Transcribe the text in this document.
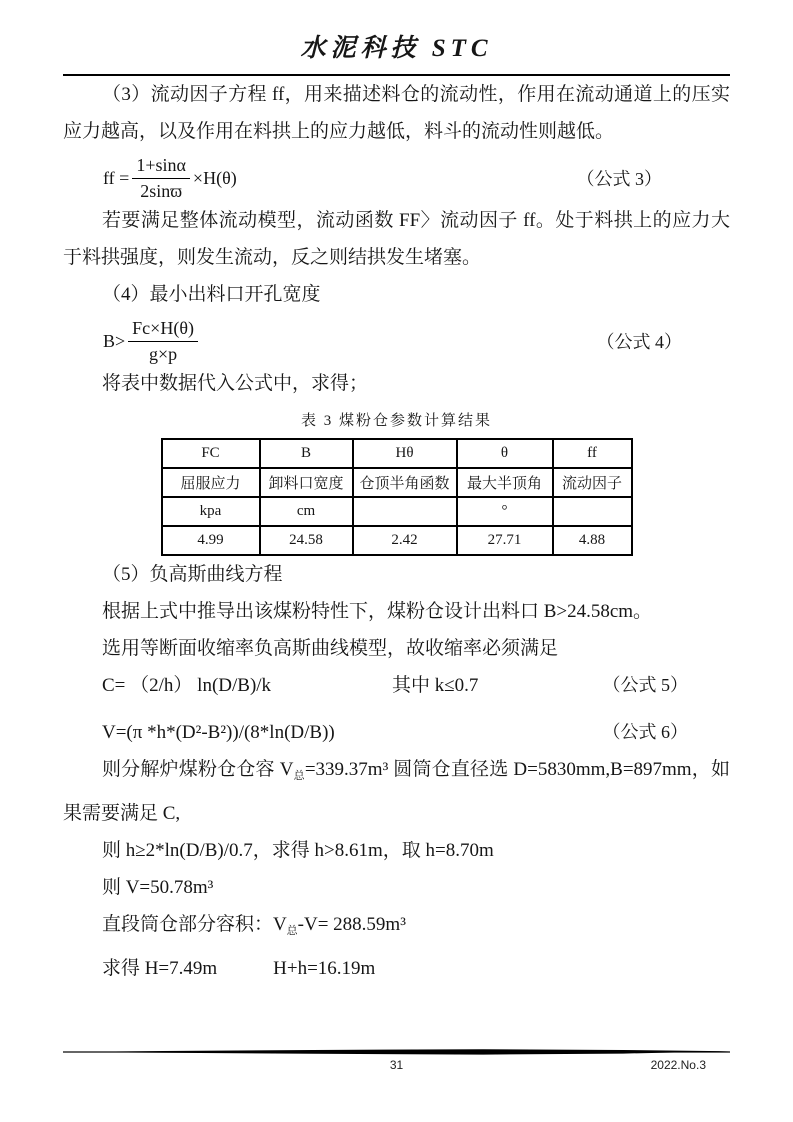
水泥科技 STC

（3）流动因子方程 ff，用来描述料仓的流动性，作用在流动通道上的压实应力越高，以及作用在料拱上的应力越低，料斗的流动性则越低。

ff = $\frac{1+\sin\alpha}{2\sin ϖ} \times H(\theta)$	（公式 3）

若要满足整体流动模型，流动函数 FF〉流动因子 ff。处于料拱上的应力大于料拱强度，则发生流动，反之则结拱发生堵塞。

（4）最小出料口开孔宽度

$B> \frac{Fc\times H(\theta)}{g\times p}$	（公式 4）

将表中数据代入公式中，求得；

表 3 煤粉仓参数计算结果
FC	B	Hθ	θ	ff
屈服应力	卸料口宽度	仓顶半角函数	最大半顶角	流动因子
kpa	cm		°	
4.99	24.58	2.42	27.71	4.88

（5）负高斯曲线方程

根据上式中推导出该煤粉特性下，煤粉仓设计出料口 B>24.58cm。

选用等断面收缩率负高斯曲线模型，故收缩率必须满足

C= （2/h） ln(D/B)/k	其中 k≤0.7	（公式 5）
V=(π *h*(D²-B²))/(8*ln(D/B))	（公式 6）

则分解炉煤粉仓仓容 $V_总=339.37m^3$ 圆筒仓直径选 D=5830mm,B=897mm，如果需要满足 C,

则 h≥2*ln(D/B)/0.7，求得 h>8.61m，取 h=8.70m

则 V=50.78m³

直段筒仓部分容积：$V_总-V= 288.59m^3$

求得 H=7.49m	H+h=16.19m

31	2022.No.3
